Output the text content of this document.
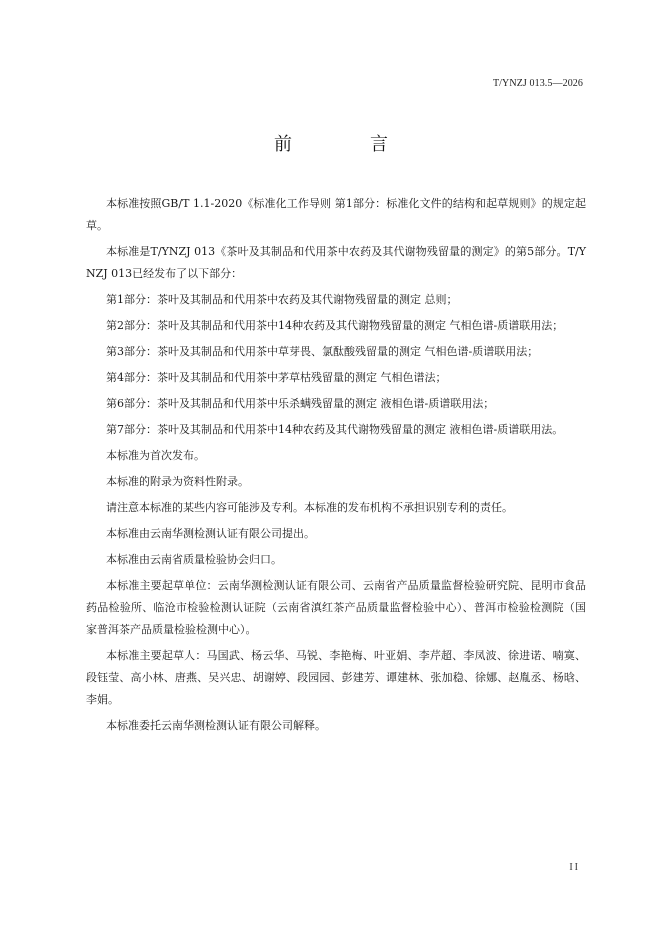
T/YNZJ 013.5—2026
前　言

本标准按照GB/T 1.1-2020《标准化工作导则 第1部分：标准化文件的结构和起草规则》的规定起草。

本标准是T/YNZJ 013《茶叶及其制品和代用茶中农药及其代谢物残留量的测定》的第5部分。T/YNZJ 013已经发布了以下部分：

第1部分：茶叶及其制品和代用茶中农药及其代谢物残留量的测定 总则；

第2部分：茶叶及其制品和代用茶中14种农药及其代谢物残留量的测定 气相色谱-质谱联用法；

第3部分：茶叶及其制品和代用茶中草芽畏、氯酞酸残留量的测定 气相色谱-质谱联用法；

第4部分：茶叶及其制品和代用茶中茅草枯残留量的测定 气相色谱法；

第6部分：茶叶及其制品和代用茶中乐杀螨残留量的测定 液相色谱-质谱联用法；

第7部分：茶叶及其制品和代用茶中14种农药及其代谢物残留量的测定 液相色谱-质谱联用法。

本标准为首次发布。

本标准的附录为资料性附录。

请注意本标准的某些内容可能涉及专利。本标准的发布机构不承担识别专利的责任。

本标准由云南华测检测认证有限公司提出。

本标准由云南省质量检验协会归口。

本标准主要起草单位：云南华测检测认证有限公司、云南省产品质量监督检验研究院、昆明市食品药品检验所、临沧市检验检测认证院（云南省滇红茶产品质量监督检验中心）、普洱市检验检测院（国家普洱茶产品质量检验检测中心）。

本标准主要起草人：马国武、杨云华、马锐、李艳梅、叶亚娟、李芹超、李凤波、徐进诺、喃寞、段钰莹、高小林、唐燕、吴兴忠、胡谢婷、段园园、彭建芳、谭建林、张加稳、徐娜、赵胤丞、杨晗、李娟。

本标准委托云南华测检测认证有限公司解释。

II
